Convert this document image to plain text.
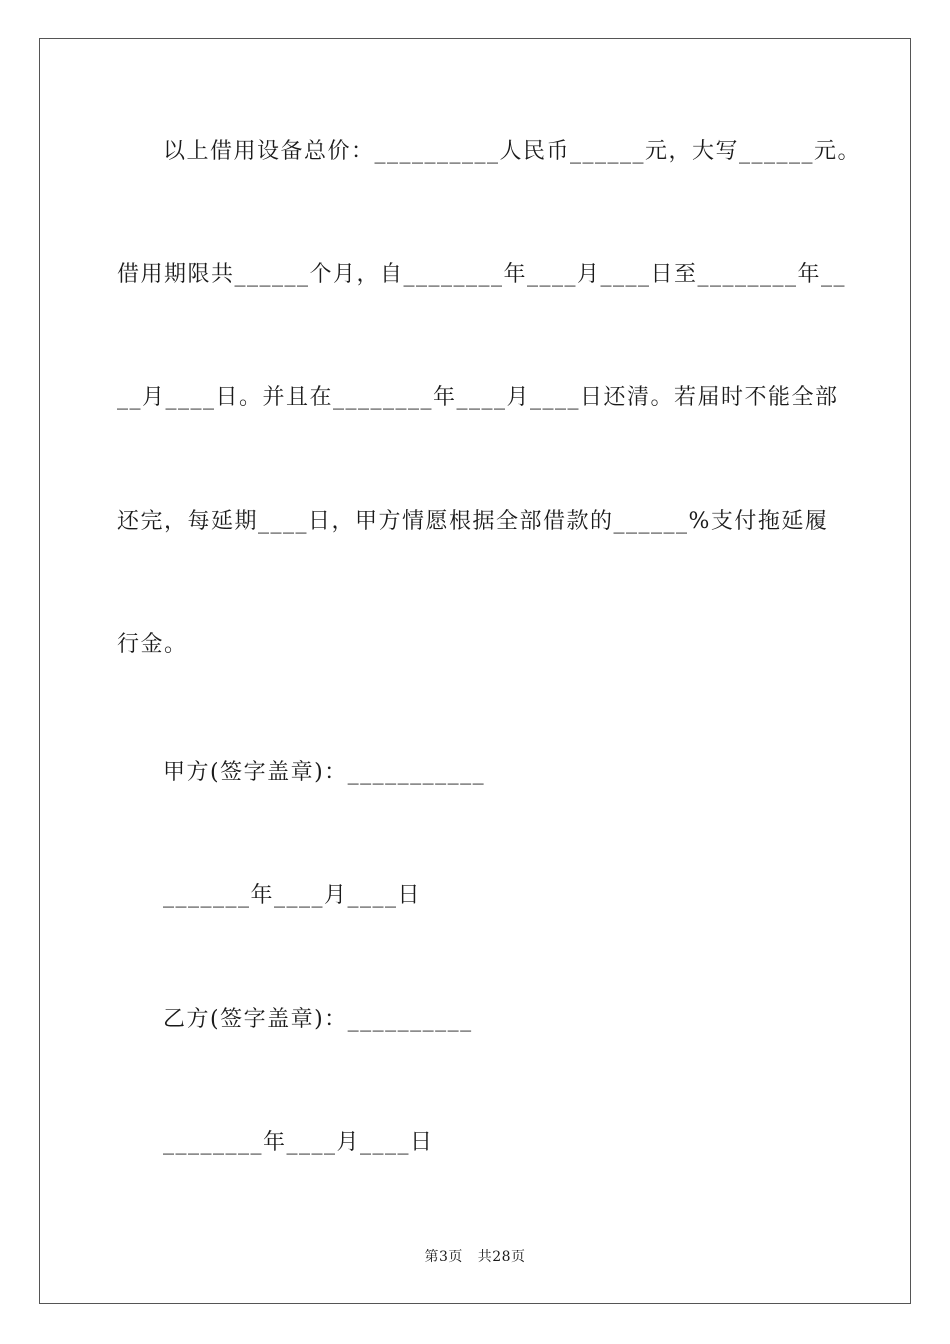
以上借用设备总价：__________人民币______元，大写______元。
借用期限共______个月，自________年____月____日至________年__
__月____日。并且在________年____月____日还清。若届时不能全部
还完，每延期____日，甲方情愿根据全部借款的______%支付拖延履
行金。
甲方(签字盖章)：___________
_______年____月____日
乙方(签字盖章)：__________
________年____月____日
第3页   共28页
